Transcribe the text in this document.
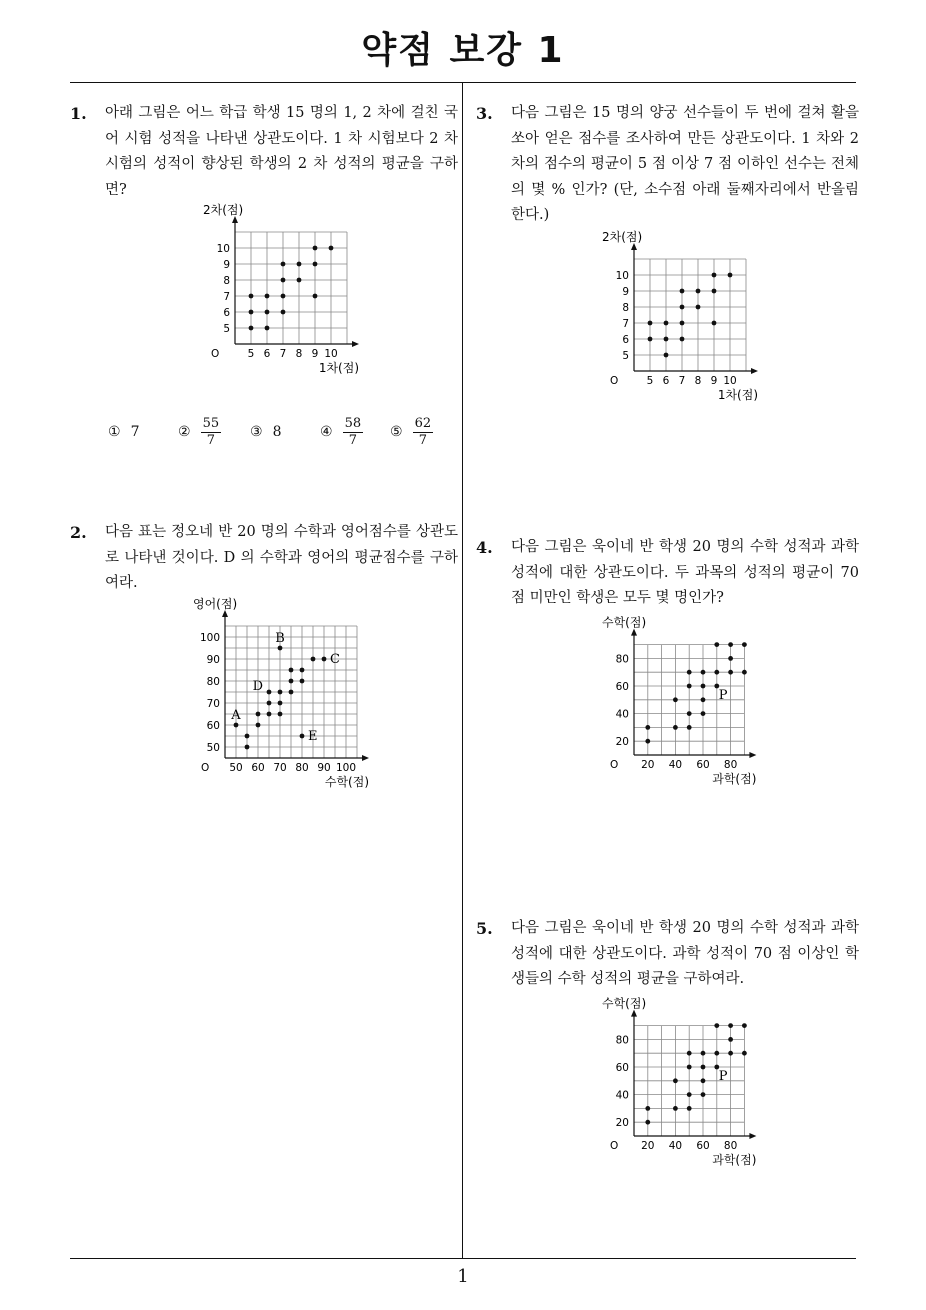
약점 보강 1
1
1. 아래 그림은 어느 학급 학생 15 명의 1, 2 차에 걸친 국어 시험 성적을 나타낸 상관도이다. 1 차 시험보다 2 차 시험의 성적이 향상된 학생의 2 차 성적의 평균을 구하면?
5 6 7 8 9 10
5
6
7
8
9
10
O
1차(점)
2차(점)
① 7	② $\frac{55}{7}$ ③ 8	④ $\frac{58}{7}$ ⑤ $\frac{62}{7}$
2. 다음 표는 정오네 반 20 명의 수학과 영어점수를 상관도로 나타낸 것이다. D 의 수학과 영어의 평균점수를 구하여라.
50 60 70 80 90 100
50
60
70
80
90
100
O
수학(점)
영어(점)
A
B
C
D
E
3. 다음 그림은 15 명의 양궁 선수들이 두 번에 걸쳐 활을 쏘아 얻은 점수를 조사하여 만든 상관도이다. 1 차와 2 차의 점수의 평균이 5 점 이상 7 점 이하인 선수는 전체의 몇 % 인가? (단, 소수점 아래 둘째자리에서 반올림한다.)
5 6 7 8 9 10
5
6
7
8
9
10
O
1차(점)
2차(점)
4. 다음 그림은 욱이네 반 학생 20 명의 수학 성적과 과학 성적에 대한 상관도이다. 두 과목의 성적의 평균이 70 점 미만인 학생은 모두 몇 명인가?
20 40 60 80
20
40
60
80
O
과학(점)
수학(점)
P
5. 다음 그림은 욱이네 반 학생 20 명의 수학 성적과 과학 성적에 대한 상관도이다. 과학 성적이 70 점 이상인 학생들의 수학 성적의 평균을 구하여라.
20 40 60 80
20
40
60
80
O
과학(점)
수학(점)
P
